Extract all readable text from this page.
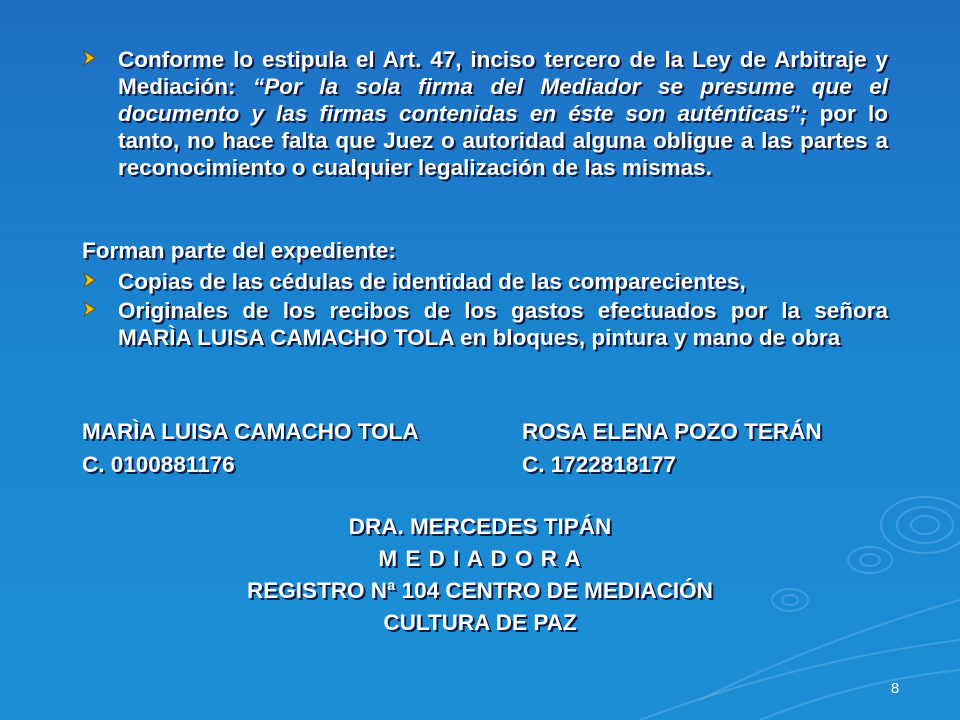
Conforme lo estipula el Art. 47, inciso tercero de la Ley de Arbitraje y Mediación: “Por la sola firma del Mediador se presume que el documento y las firmas contenidas en éste son auténticas”; por lo tanto, no hace falta que Juez o autoridad alguna obligue a las partes a reconocimiento o cualquier legalización de las mismas.
Forman parte del expediente:
Copias de las cédulas de identidad de las comparecientes,
Originales de los recibos de los gastos efectuados por la señora MARÌA LUISA CAMACHO TOLA en bloques, pintura y mano de obra
MARÌA LUISA CAMACHO TOLA	ROSA ELENA POZO TERÁN
C. 0100881176	C. 1722818177
DRA. MERCEDES TIPÁN
M E D I A D O R A
REGISTRO Nª 104 CENTRO DE MEDIACIÓN
CULTURA DE PAZ
8
